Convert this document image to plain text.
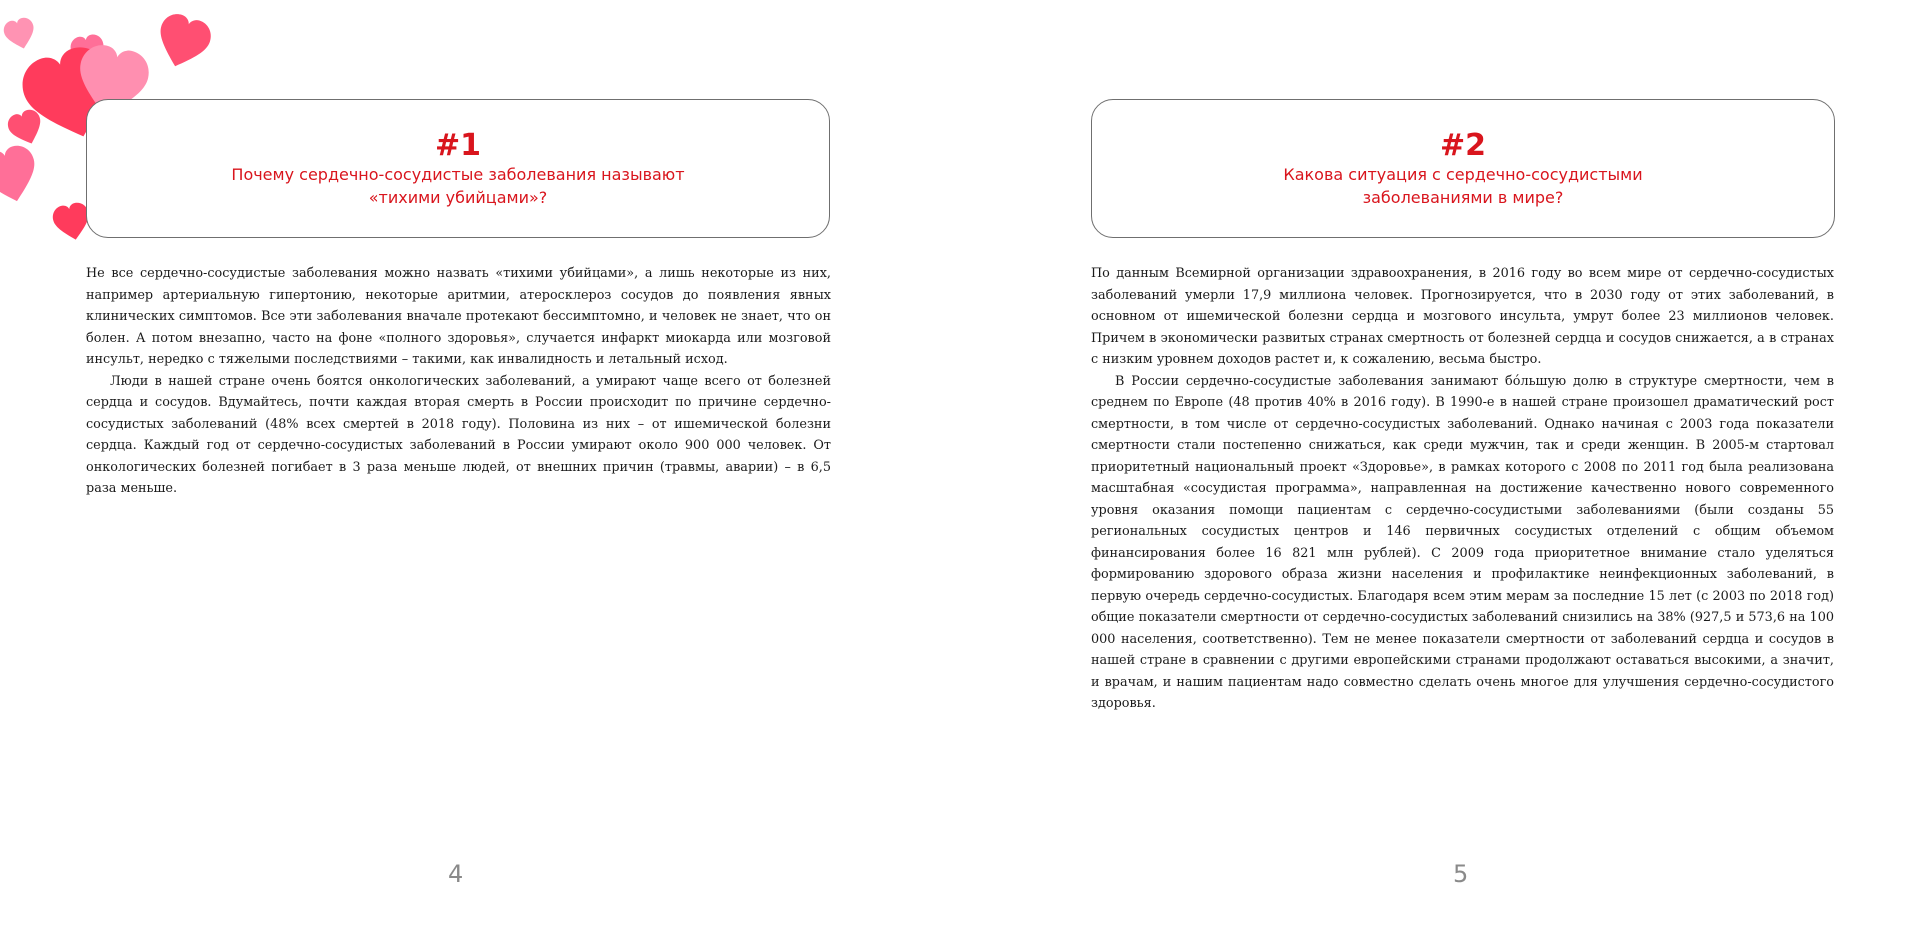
#1
Почему сердечно-сосудистые заболевания называют
«тихими убийцами»?

Не все сердечно-сосудистые заболевания можно назвать «тихими убийцами», а лишь некоторые из них, например артериальную гипертонию, некоторые аритмии, атеросклероз сосудов до появления явных клинических симптомов. Все эти заболевания вначале протекают бессимптомно, и человек не знает, что он болен. А потом внезапно, часто на фоне «полного здоровья», случается инфаркт миокарда или мозговой инсульт, нередко с тяжелыми последствиями – такими, как инвалидность и летальный исход.

Люди в нашей стране очень боятся онкологических заболеваний, а умирают чаще всего от болезней сердца и сосудов. Вдумайтесь, почти каждая вторая смерть в России происходит по причине сердечно-сосудистых заболеваний (48% всех смертей в 2018 году). Половина из них – от ишемической болезни сердца. Каждый год от сердечно-сосудистых заболеваний в России умирают около 900 000 человек. От онкологических болезней погибает в 3 раза меньше людей, от внешних причин (травмы, аварии) – в 6,5 раза меньше.

4
#2
Какова ситуация с сердечно-сосудистыми
заболеваниями в мире?

По данным Всемирной организации здравоохранения, в 2016 году во всем мире от сердечно-сосудистых заболеваний умерли 17,9 миллиона человек. Прогнозируется, что в 2030 году от этих заболеваний, в основном от ишемической болезни сердца и мозгового инсульта, умрут более 23 миллионов человек. Причем в экономически развитых странах смертность от болезней сердца и сосудов снижается, а в странах с низким уровнем доходов растет и, к сожалению, весьма быстро.

В России сердечно-сосудистые заболевания занимают бóльшую долю в структуре смертности, чем в среднем по Европе (48 против 40% в 2016 году). В 1990-е в нашей стране произошел драматический рост смертности, в том числе от сердечно-сосудистых заболеваний. Однако начиная с 2003 года показатели смертности стали постепенно снижаться, как среди мужчин, так и среди женщин. В 2005-м стартовал приоритетный национальный проект «Здоровье», в рамках которого с 2008 по 2011 год была реализована масштабная «сосудистая программа», направленная на достижение качественно нового современного уровня оказания помощи пациентам с сердечно-сосудистыми заболеваниями (были созданы 55 региональных сосудистых центров и 146 первичных сосудистых отделений с общим объемом финансирования более 16 821 млн рублей). С 2009 года приоритетное внимание стало уделяться формированию здорового образа жизни населения и профилактике неинфекционных заболеваний, в первую очередь сердечно-сосудистых. Благодаря всем этим мерам за последние 15 лет (с 2003 по 2018 год) общие показатели смертности от сердечно-сосудистых заболеваний снизились на 38% (927,5 и 573,6 на 100 000 населения, соответственно). Тем не менее показатели смертности от заболеваний сердца и сосудов в нашей стране в сравнении с другими европейскими странами продолжают оставаться высокими, а значит, и врачам, и нашим пациентам надо совместно сделать очень многое для улучшения сердечно-сосудистого здоровья.

5
